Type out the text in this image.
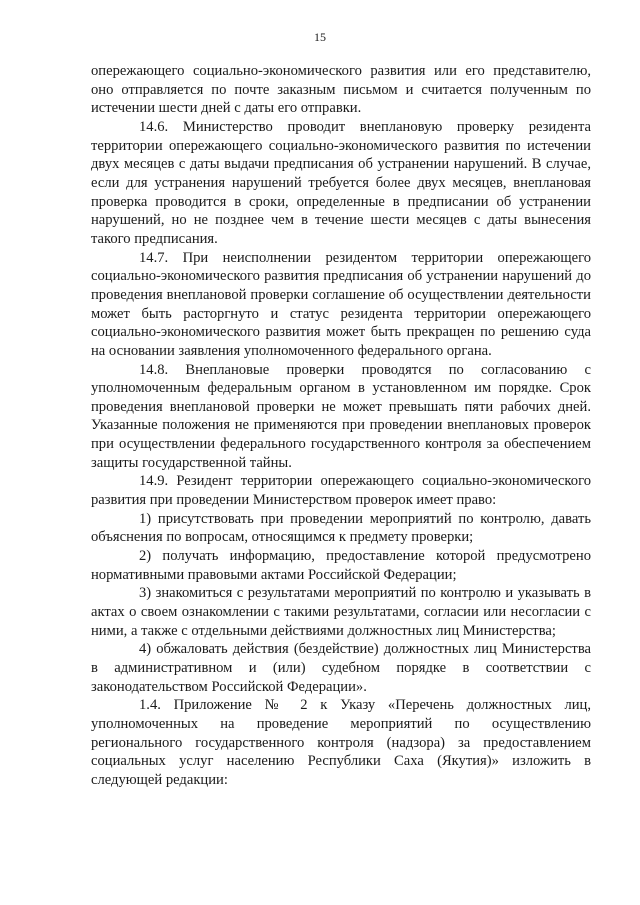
15

опережающего социально-экономического развития или его представителю, оно отправляется по почте заказным письмом и считается полученным по истечении шести дней с даты его отправки.

14.6. Министерство проводит внеплановую проверку резидента территории опережающего социально-экономического развития по истечении двух месяцев с даты выдачи предписания об устранении нарушений. В случае, если для устранения нарушений требуется более двух месяцев, внеплановая проверка проводится в сроки, определенные в предписании об устранении нарушений, но не позднее чем в течение шести месяцев с даты вынесения такого предписания.

14.7. При неисполнении резидентом территории опережающего социально-экономического развития предписания об устранении нарушений до проведения внеплановой проверки соглашение об осуществлении деятельности может быть расторгнуто и статус резидента территории опережающего социально-экономического развития может быть прекращен по решению суда на основании заявления уполномоченного федерального органа.

14.8. Внеплановые проверки проводятся по согласованию с уполномоченным федеральным органом в установленном им порядке. Срок проведения внеплановой проверки не может превышать пяти рабочих дней. Указанные положения не применяются при проведении внеплановых проверок при осуществлении федерального государственного контроля за обеспечением защиты государственной тайны.

14.9. Резидент территории опережающего социально-экономического развития при проведении Министерством проверок имеет право:

1) присутствовать при проведении мероприятий по контролю, давать объяснения по вопросам, относящимся к предмету проверки;

2) получать информацию, предоставление которой предусмотрено нормативными правовыми актами Российской Федерации;

3) знакомиться с результатами мероприятий по контролю и указывать в актах о своем ознакомлении с такими результатами, согласии или несогласии с ними, а также с отдельными действиями должностных лиц Министерства;

4) обжаловать действия (бездействие) должностных лиц Министерства в административном и (или) судебном порядке в соответствии с законодательством Российской Федерации».

1.4. Приложение № 2 к Указу «Перечень должностных лиц, уполномоченных на проведение мероприятий по осуществлению регионального государственного контроля (надзора) за предоставлением социальных услуг населению Республики Саха (Якутия)» изложить в следующей редакции:
